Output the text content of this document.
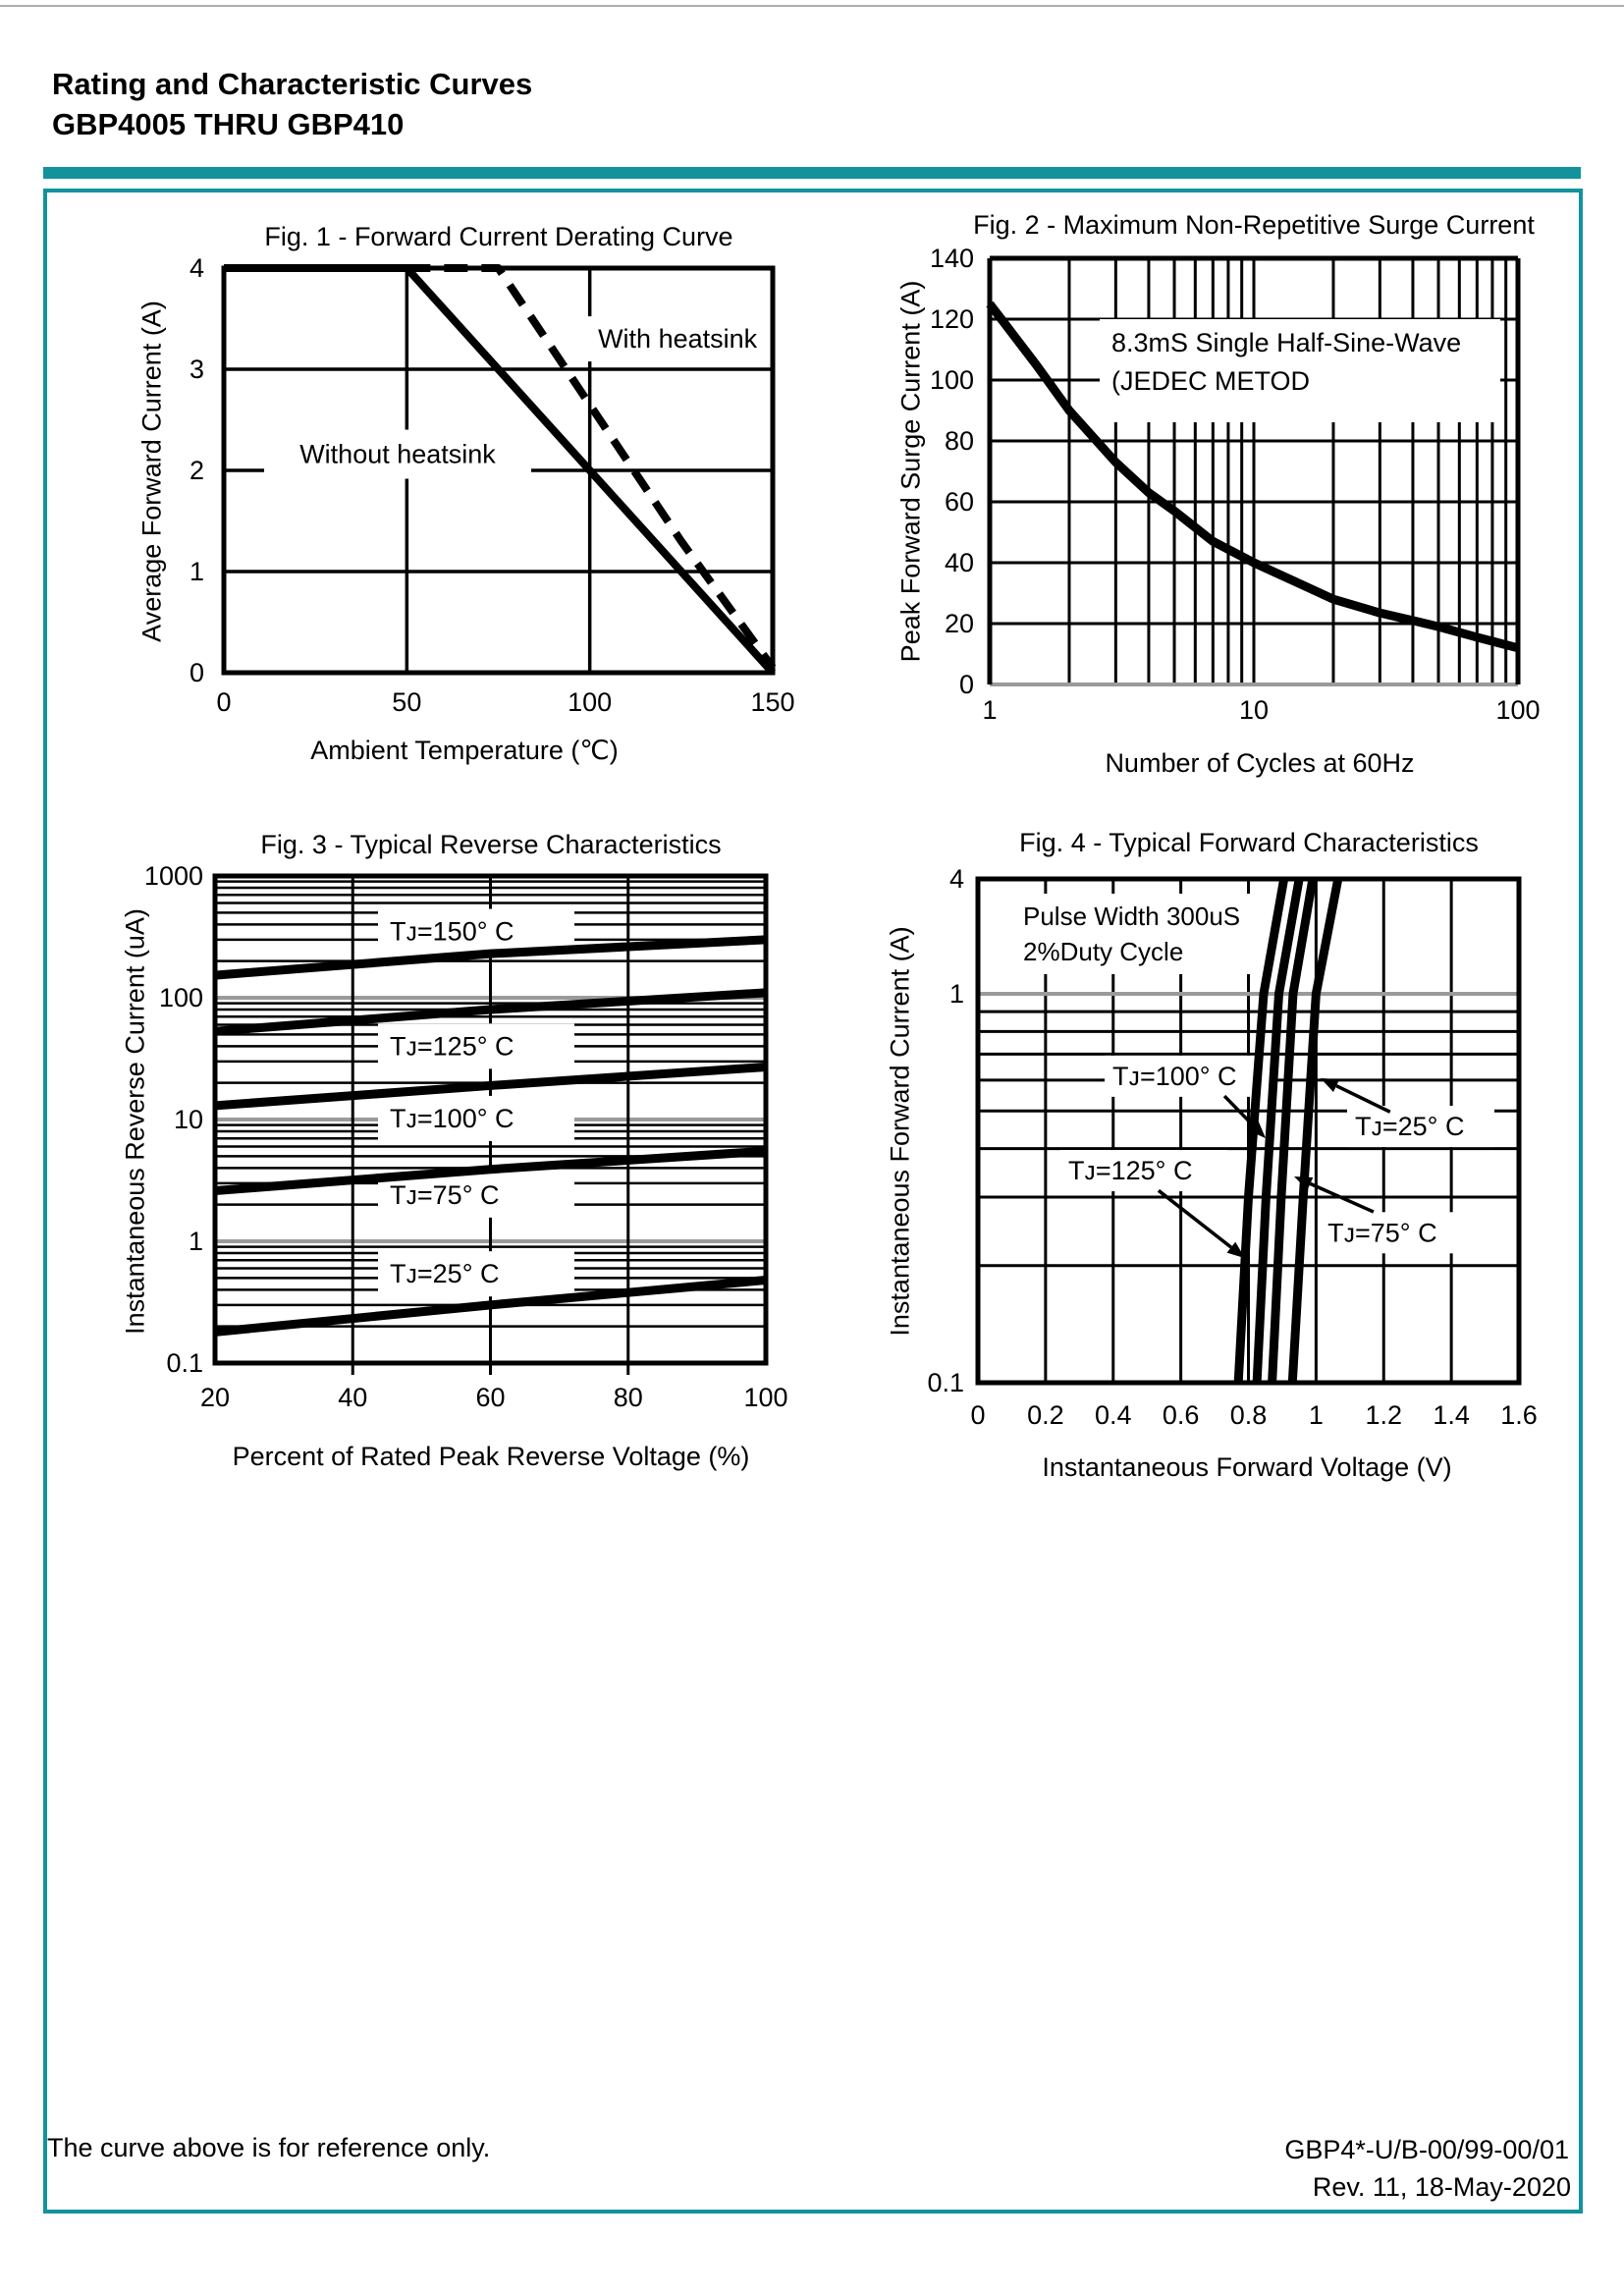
Rating and Characteristic Curves
GBP4005 THRU GBP410
Without heatsink
With heatsink
0
1
2
3
4
0	50	100	150
8.3mS Single Half-Sine-Wave
(JEDEC METOD
0
20
40
60
80
100
120
140
1	10	100
Tᴊ=150° C
Tᴊ=125° C
Tᴊ=100° C
Tᴊ=75° C
Tᴊ=25° C
1000
100
10
1
0.1
20	40	60	80	100
Pulse Width 300uS
2%Duty Cycle
Tᴊ=125° C
Tᴊ=100° C
Tᴊ=75° C
Tᴊ=25° C
4
1
0.1
0 0.2 0.4 0.6 0.8 1 1.2 1.4 1.6
Fig. 1 - Forward Current Derating Curve	Fig. 2 - Maximum Non-Repetitive Surge Current
Fig. 3 - Typical Reverse Characteristics	Fig. 4 - Typical Forward Characteristics
Ambient Temperature (℃)	Number of Cycles at 60Hz
Percent of Rated Peak Reverse Voltage (%)	Instantaneous Forward Voltage (V)
Average Forward Current (A)	Peak Forward Surge Current (A)
Instantaneous Reverse Current (uA)	Instantaneous Forward Current (A)
The curve above is for reference only.	GBP4*-U/B-00/99-00/01
Rev. 11, 18-May-2020
